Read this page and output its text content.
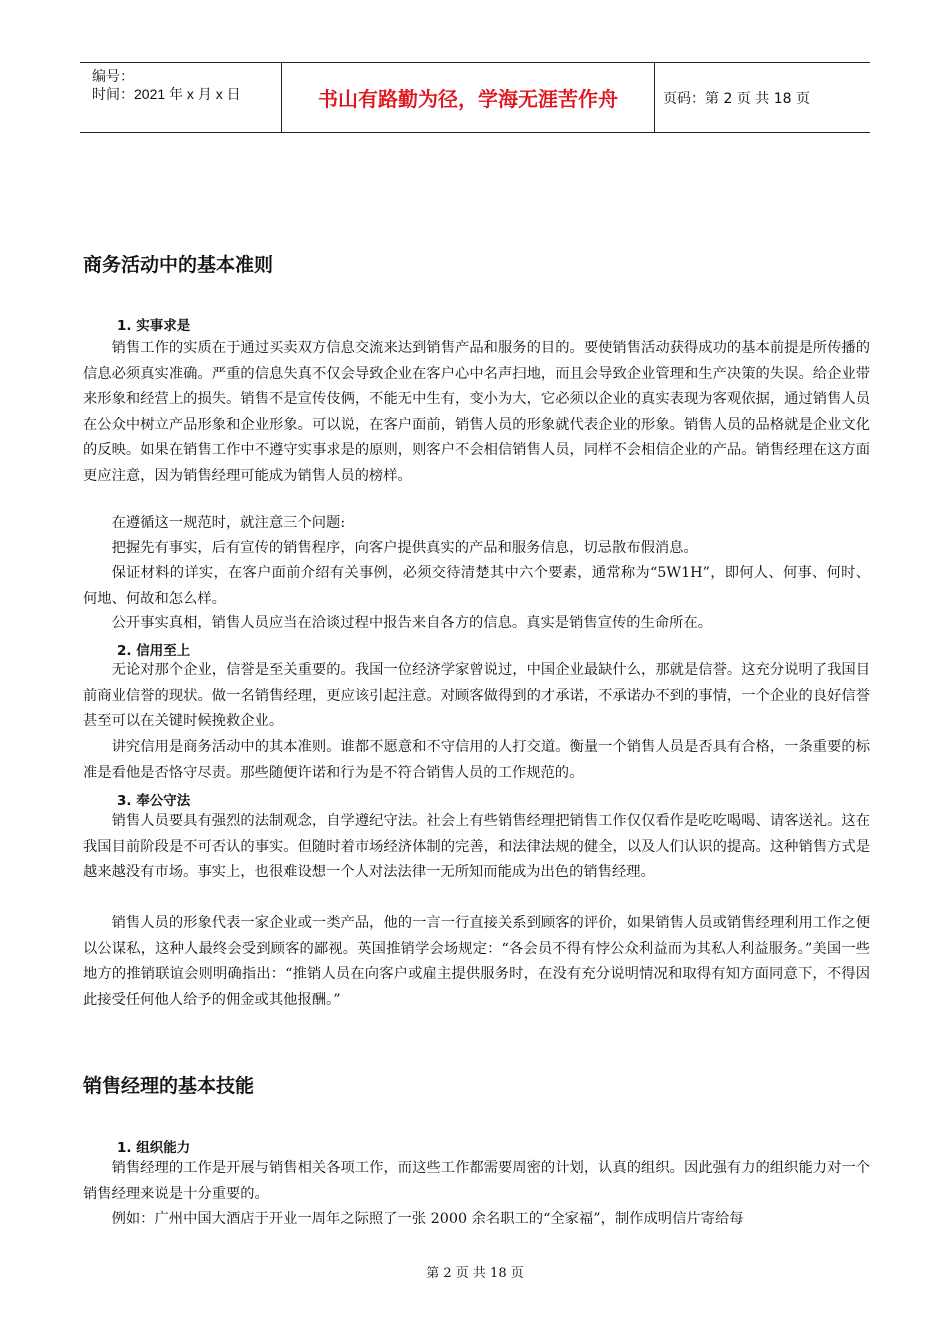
编号：
时间：2021 年 x 月 x 日	书山有路勤为径，学海无涯苦作舟	页码：第 2 页 共 18 页
商务活动中的基本准则
1. 实事求是

销售工作的实质在于通过买卖双方信息交流来达到销售产品和服务的目的。要使销售活动获得成功的基本前提是所传播的信息必须真实准确。严重的信息失真不仅会导致企业在客户心中名声扫地，而且会导致企业管理和生产决策的失误。给企业带来形象和经营上的损失。销售不是宣传伎俩，不能无中生有，变小为大，它必须以企业的真实表现为客观依据，通过销售人员在公众中树立产品形象和企业形象。可以说，在客户面前，销售人员的形象就代表企业的形象。销售人员的品格就是企业文化的反映。如果在销售工作中不遵守实事求是的原则，则客户不会相信销售人员，同样不会相信企业的产品。销售经理在这方面更应注意，因为销售经理可能成为销售人员的榜样。

在遵循这一规范时，就注意三个问题:

把握先有事实，后有宣传的销售程序，向客户提供真实的产品和服务信息，切忌散布假消息。

保证材料的详实，在客户面前介绍有关事例，必须交待清楚其中六个要素，通常称为“5W1H”，即何人、何事、何时、何地、何故和怎么样。

公开事实真相，销售人员应当在洽谈过程中报告来自各方的信息。真实是销售宣传的生命所在。

2. 信用至上

无论对那个企业，信誉是至关重要的。我国一位经济学家曾说过，中国企业最缺什么，那就是信誉。这充分说明了我国目前商业信誉的现状。做一名销售经理，更应该引起注意。对顾客做得到的才承诺，不承诺办不到的事情，一个企业的良好信誉甚至可以在关键时候挽救企业。

讲究信用是商务活动中的其本准则。谁都不愿意和不守信用的人打交道。衡量一个销售人员是否具有合格，一条重要的标准是看他是否恪守尽责。那些随便许诺和行为是不符合销售人员的工作规范的。

3. 奉公守法

销售人员要具有强烈的法制观念，自学遵纪守法。社会上有些销售经理把销售工作仅仅看作是吃吃喝喝、请客送礼。这在我国目前阶段是不可否认的事实。但随时着市场经济体制的完善，和法律法规的健全，以及人们认识的提高。这种销售方式是越来越没有市场。事实上，也很难设想一个人对法法律一无所知而能成为出色的销售经理。

销售人员的形象代表一家企业或一类产品，他的一言一行直接关系到顾客的评价，如果销售人员或销售经理利用工作之便以公谋私，这种人最终会受到顾客的鄙视。英国推销学会场规定：“各会员不得有悖公众利益而为其私人利益服务。”美国一些地方的推销联谊会则明确指出：“推销人员在向客户或雇主提供服务时，在没有充分说明情况和取得有知方面同意下，不得因此接受任何他人给予的佣金或其他报酬。”

销售经理的基本技能
1. 组织能力

销售经理的工作是开展与销售相关各项工作，而这些工作都需要周密的计划，认真的组织。因此强有力的组织能力对一个销售经理来说是十分重要的。

例如：广州中国大酒店于开业一周年之际照了一张 2000 余名职工的“全家福”，制作成明信片寄给每

第 2 页 共 18 页
